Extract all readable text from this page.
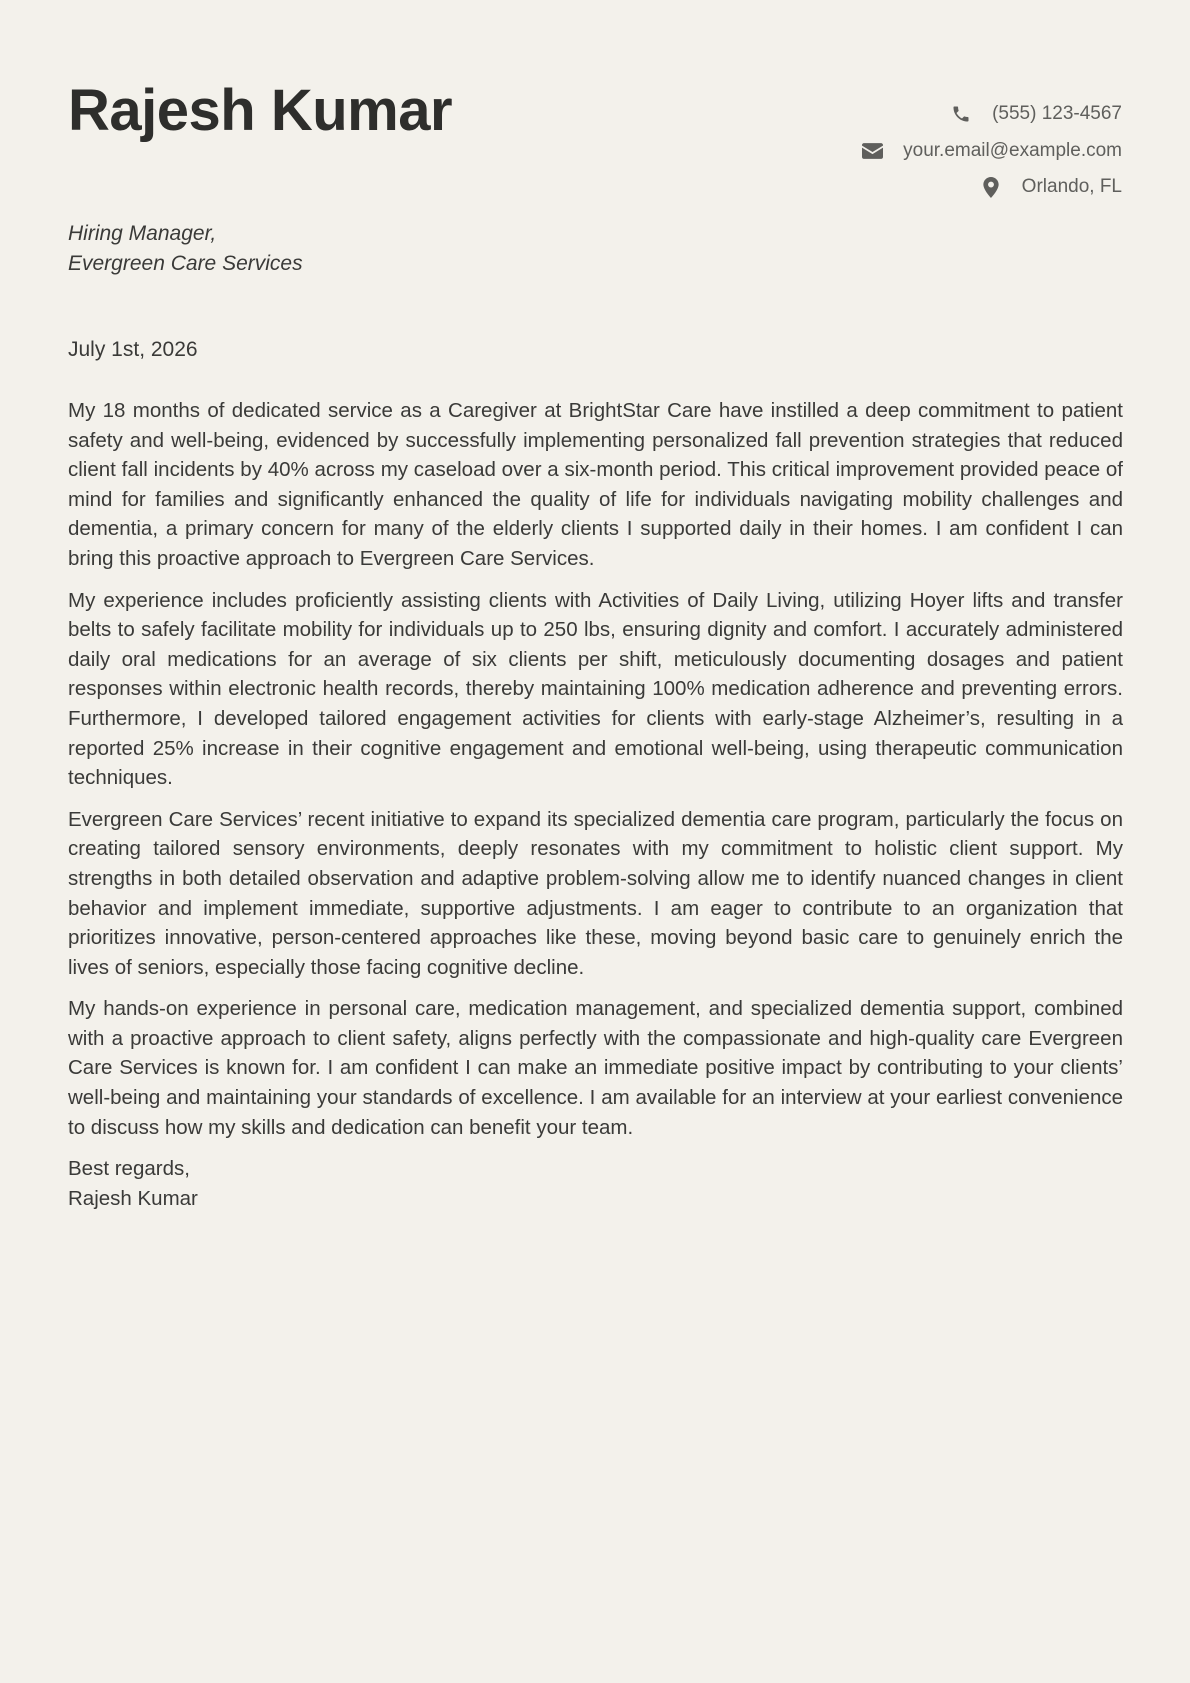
Rajesh Kumar	(555) 123-4567
your.email@example.com
Orlando, FL
Hiring Manager,
Evergreen Care Services
July 1st, 2026

My 18 months of dedicated service as a Caregiver at BrightStar Care have instilled a deep commitment to patient safety and well-being, evidenced by successfully implementing personalized fall prevention strategies that reduced client fall incidents by 40% across my caseload over a six-month period. This critical improvement provided peace of mind for families and significantly enhanced the quality of life for individuals navigating mobility challenges and dementia, a primary concern for many of the elderly clients I supported daily in their homes. I am confident I can bring this proactive approach to Evergreen Care Services.

My experience includes proficiently assisting clients with Activities of Daily Living, utilizing Hoyer lifts and transfer belts to safely facilitate mobility for individuals up to 250 lbs, ensuring dignity and comfort. I accurately administered daily oral medications for an average of six clients per shift, meticulously documenting dosages and patient responses within electronic health records, thereby maintaining 100% medication adherence and preventing errors. Furthermore, I developed tailored engagement activities for clients with early-stage Alzheimer’s, resulting in a reported 25% increase in their cognitive engagement and emotional well-being, using therapeutic communication techniques.

Evergreen Care Services’ recent initiative to expand its specialized dementia care program, particularly the focus on creating tailored sensory environments, deeply resonates with my commitment to holistic client support. My strengths in both detailed observation and adaptive problem-solving allow me to identify nuanced changes in client behavior and implement immediate, supportive adjustments. I am eager to contribute to an organization that prioritizes innovative, person-centered approaches like these, moving beyond basic care to genuinely enrich the lives of seniors, especially those facing cognitive decline.

My hands-on experience in personal care, medication management, and specialized dementia support, combined with a proactive approach to client safety, aligns perfectly with the compassionate and high-quality care Evergreen Care Services is known for. I am confident I can make an immediate positive impact by contributing to your clients’ well-being and maintaining your standards of excellence. I am available for an interview at your earliest convenience to discuss how my skills and dedication can benefit your team.

Best regards,
Rajesh Kumar
